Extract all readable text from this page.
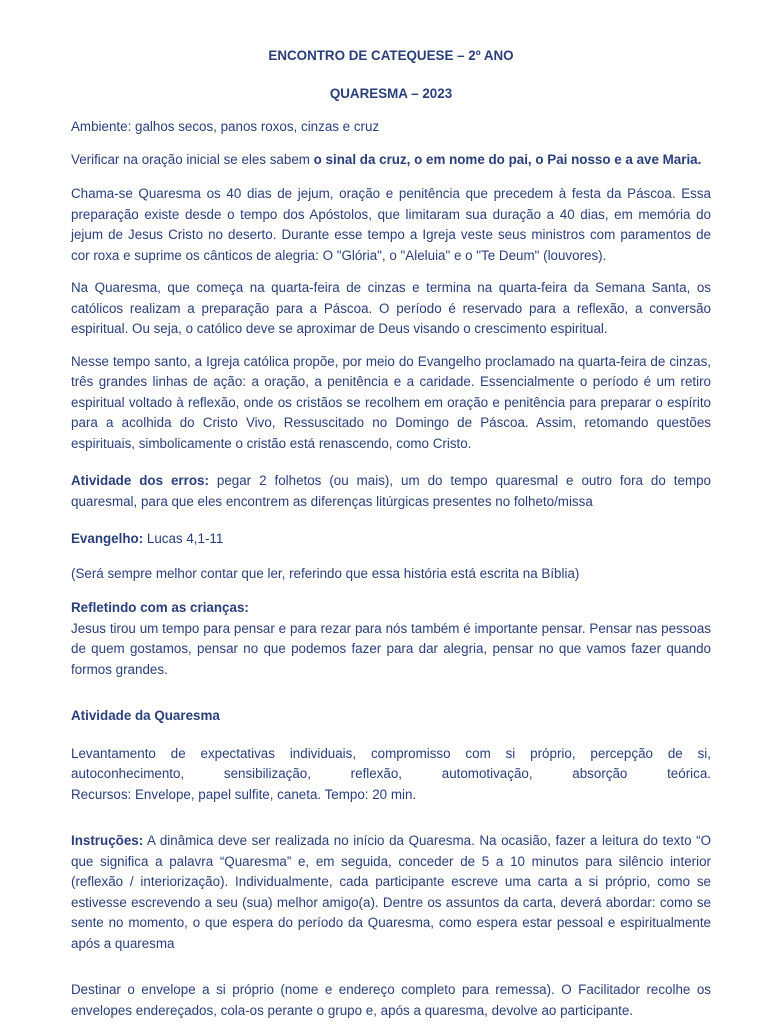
ENCONTRO DE CATEQUESE – 2º ANO
QUARESMA – 2023

Ambiente: galhos secos, panos roxos, cinzas e cruz

Verificar na oração inicial se eles sabem o sinal da cruz, o em nome do pai, o Pai nosso e a ave Maria.

Chama-se Quaresma os 40 dias de jejum, oração e penitência que precedem à festa da Páscoa. Essa preparação existe desde o tempo dos Apóstolos, que limitaram sua duração a 40 dias, em memória do jejum de Jesus Cristo no deserto. Durante esse tempo a Igreja veste seus ministros com paramentos de cor roxa e suprime os cânticos de alegria: O "Glória", o "Aleluia" e o "Te Deum" (louvores).

Na Quaresma, que começa na quarta-feira de cinzas e termina na quarta-feira da Semana Santa, os católicos realizam a preparação para a Páscoa. O período é reservado para a reflexão, a conversão espiritual. Ou seja, o católico deve se aproximar de Deus visando o crescimento espiritual.

Nesse tempo santo, a Igreja católica propõe, por meio do Evangelho proclamado na quarta-feira de cinzas, três grandes linhas de ação: a oração, a penitência e a caridade. Essencialmente o período é um retiro espiritual voltado à reflexão, onde os cristãos se recolhem em oração e penitência para preparar o espírito para a acolhida do Cristo Vivo, Ressuscitado no Domingo de Páscoa. Assim, retomando questões espirituais, simbolicamente o cristão está renascendo, como Cristo.

Atividade dos erros: pegar 2 folhetos (ou mais), um do tempo quaresmal e outro fora do tempo quaresmal, para que eles encontrem as diferenças litúrgicas presentes no folheto/missa

Evangelho: Lucas 4,1-11

(Será sempre melhor contar que ler, referindo que essa história está escrita na Bíblia)

Refletindo com as crianças:
Jesus tirou um tempo para pensar e para rezar para nós também é importante pensar. Pensar nas pessoas de quem gostamos, pensar no que podemos fazer para dar alegria, pensar no que vamos fazer quando formos grandes.

Atividade da Quaresma

Levantamento de expectativas individuais, compromisso com si próprio, percepção de si, autoconhecimento, sensibilização, reflexão, automotivação, absorção teórica.
Recursos: Envelope, papel sulfite, caneta. Tempo: 20 min.

Instruções: A dinâmica deve ser realizada no início da Quaresma. Na ocasião, fazer a leitura do texto “O que significa a palavra “Quaresma” e, em seguida, conceder de 5 a 10 minutos para silêncio interior (reflexão / interiorização). Individualmente, cada participante escreve uma carta a si próprio, como se estivesse escrevendo a seu (sua) melhor amigo(a). Dentre os assuntos da carta, deverá abordar: como se sente no momento, o que espera do período da Quaresma, como espera estar pessoal e espiritualmente após a quaresma

Destinar o envelope a si próprio (nome e endereço completo para remessa). O Facilitador recolhe os envelopes endereçados, cola-os perante o grupo e, após a quaresma, devolve ao participante.
